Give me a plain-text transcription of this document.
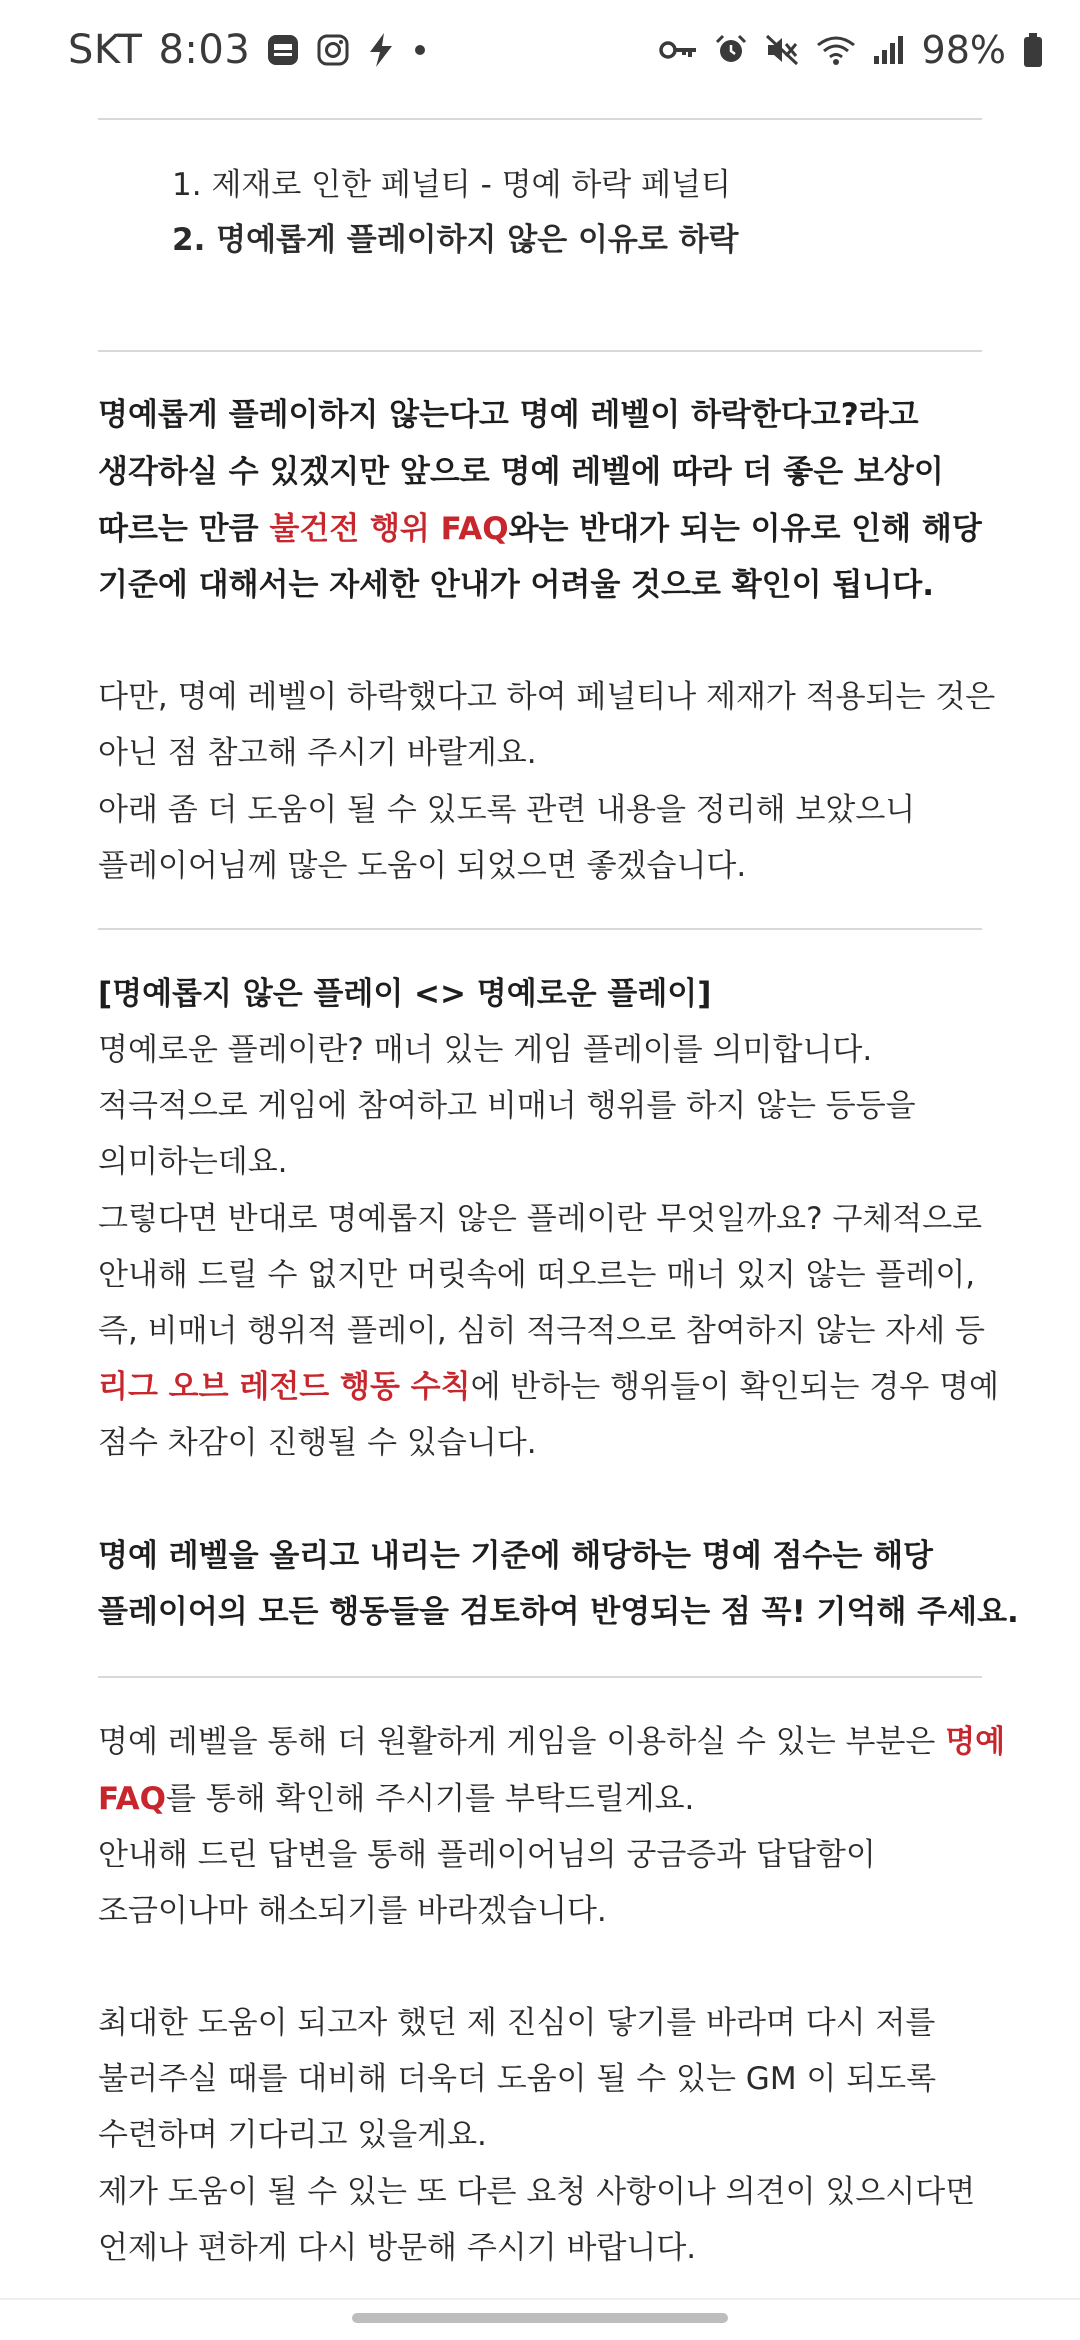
SKT 8:03	98%
1. 제재로 인한 페널티 - 명예 하락 페널티
2. 명예롭게 플레이하지 않은 이유로 하락
명예롭게 플레이하지 않는다고 명예 레벨이 하락한다고?라고
생각하실 수 있겠지만 앞으로 명예 레벨에 따라 더 좋은 보상이
따르는 만큼 불건전 행위 FAQ와는 반대가 되는 이유로 인해 해당
기준에 대해서는 자세한 안내가 어려울 것으로 확인이 됩니다.
다만, 명예 레벨이 하락했다고 하여 페널티나 제재가 적용되는 것은
아닌 점 참고해 주시기 바랄게요.
아래 좀 더 도움이 될 수 있도록 관련 내용을 정리해 보았으니
플레이어님께 많은 도움이 되었으면 좋겠습니다.
[명예롭지 않은 플레이 <> 명예로운 플레이]
명예로운 플레이란? 매너 있는 게임 플레이를 의미합니다.
적극적으로 게임에 참여하고 비매너 행위를 하지 않는 등등을
의미하는데요.
그렇다면 반대로 명예롭지 않은 플레이란 무엇일까요? 구체적으로
안내해 드릴 수 없지만 머릿속에 떠오르는 매너 있지 않는 플레이,
즉, 비매너 행위적 플레이, 심히 적극적으로 참여하지 않는 자세 등
리그 오브 레전드 행동 수칙에 반하는 행위들이 확인되는 경우 명예
점수 차감이 진행될 수 있습니다.
명예 레벨을 올리고 내리는 기준에 해당하는 명예 점수는 해당
플레이어의 모든 행동들을 검토하여 반영되는 점 꼭! 기억해 주세요.
명예 레벨을 통해 더 원활하게 게임을 이용하실 수 있는 부분은 명예
FAQ를 통해 확인해 주시기를 부탁드릴게요.
안내해 드린 답변을 통해 플레이어님의 궁금증과 답답함이
조금이나마 해소되기를 바라겠습니다.
최대한 도움이 되고자 했던 제 진심이 닿기를 바라며 다시 저를
불러주실 때를 대비해 더욱더 도움이 될 수 있는 GM 이 되도록
수련하며 기다리고 있을게요.
제가 도움이 될 수 있는 또 다른 요청 사항이나 의견이 있으시다면
언제나 편하게 다시 방문해 주시기 바랍니다.
